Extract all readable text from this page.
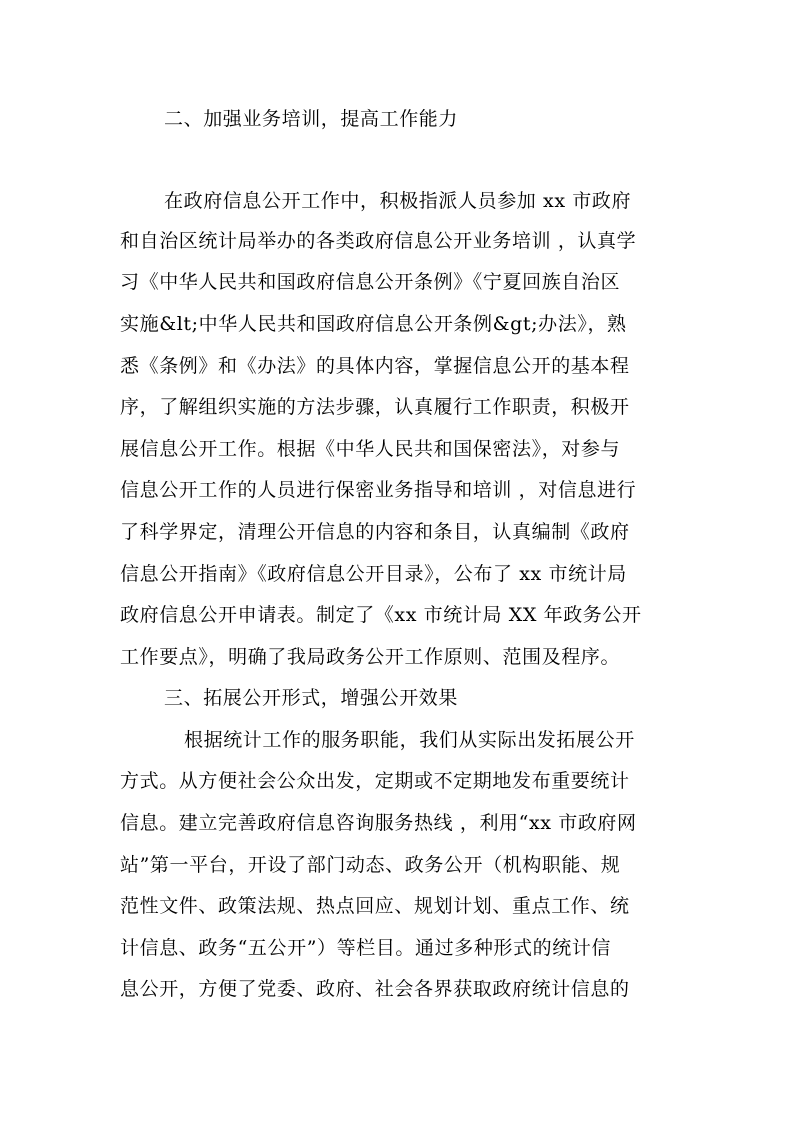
二、加强业务培训，提高工作能力
在政府信息公开工作中，积极指派人员参加 xx 市政府
和自治区统计局举办的各类政府信息公开业务培训 ，认真学
习《中华人民共和国政府信息公开条例》《宁夏回族自治区
实施&lt;中华人民共和国政府信息公开条例&gt;办法》，熟
悉《条例》和《办法》的具体内容，掌握信息公开的基本程
序，了解组织实施的方法步骤，认真履行工作职责，积极开
展信息公开工作。根据《中华人民共和国保密法》，对参与
信息公开工作的人员进行保密业务指导和培训 ，对信息进行
了科学界定，清理公开信息的内容和条目，认真编制《政府
信息公开指南》《政府信息公开目录》，公布了 xx 市统计局
政府信息公开申请表。制定了《xx 市统计局 XX 年政务公开
工作要点》，明确了我局政务公开工作原则、范围及程序。
三、拓展公开形式，增强公开效果
根据统计工作的服务职能，我们从实际出发拓展公开
方式。从方便社会公众出发，定期或不定期地发布重要统计
信息。建立完善政府信息咨询服务热线 ，利用“xx 市政府网
站”第一平台，开设了部门动态、政务公开（机构职能、规
范性文件、政策法规、热点回应、规划计划、重点工作、统
计信息、政务“五公开”）等栏目。通过多种形式的统计信
息公开，方便了党委、政府、社会各界获取政府统计信息的
